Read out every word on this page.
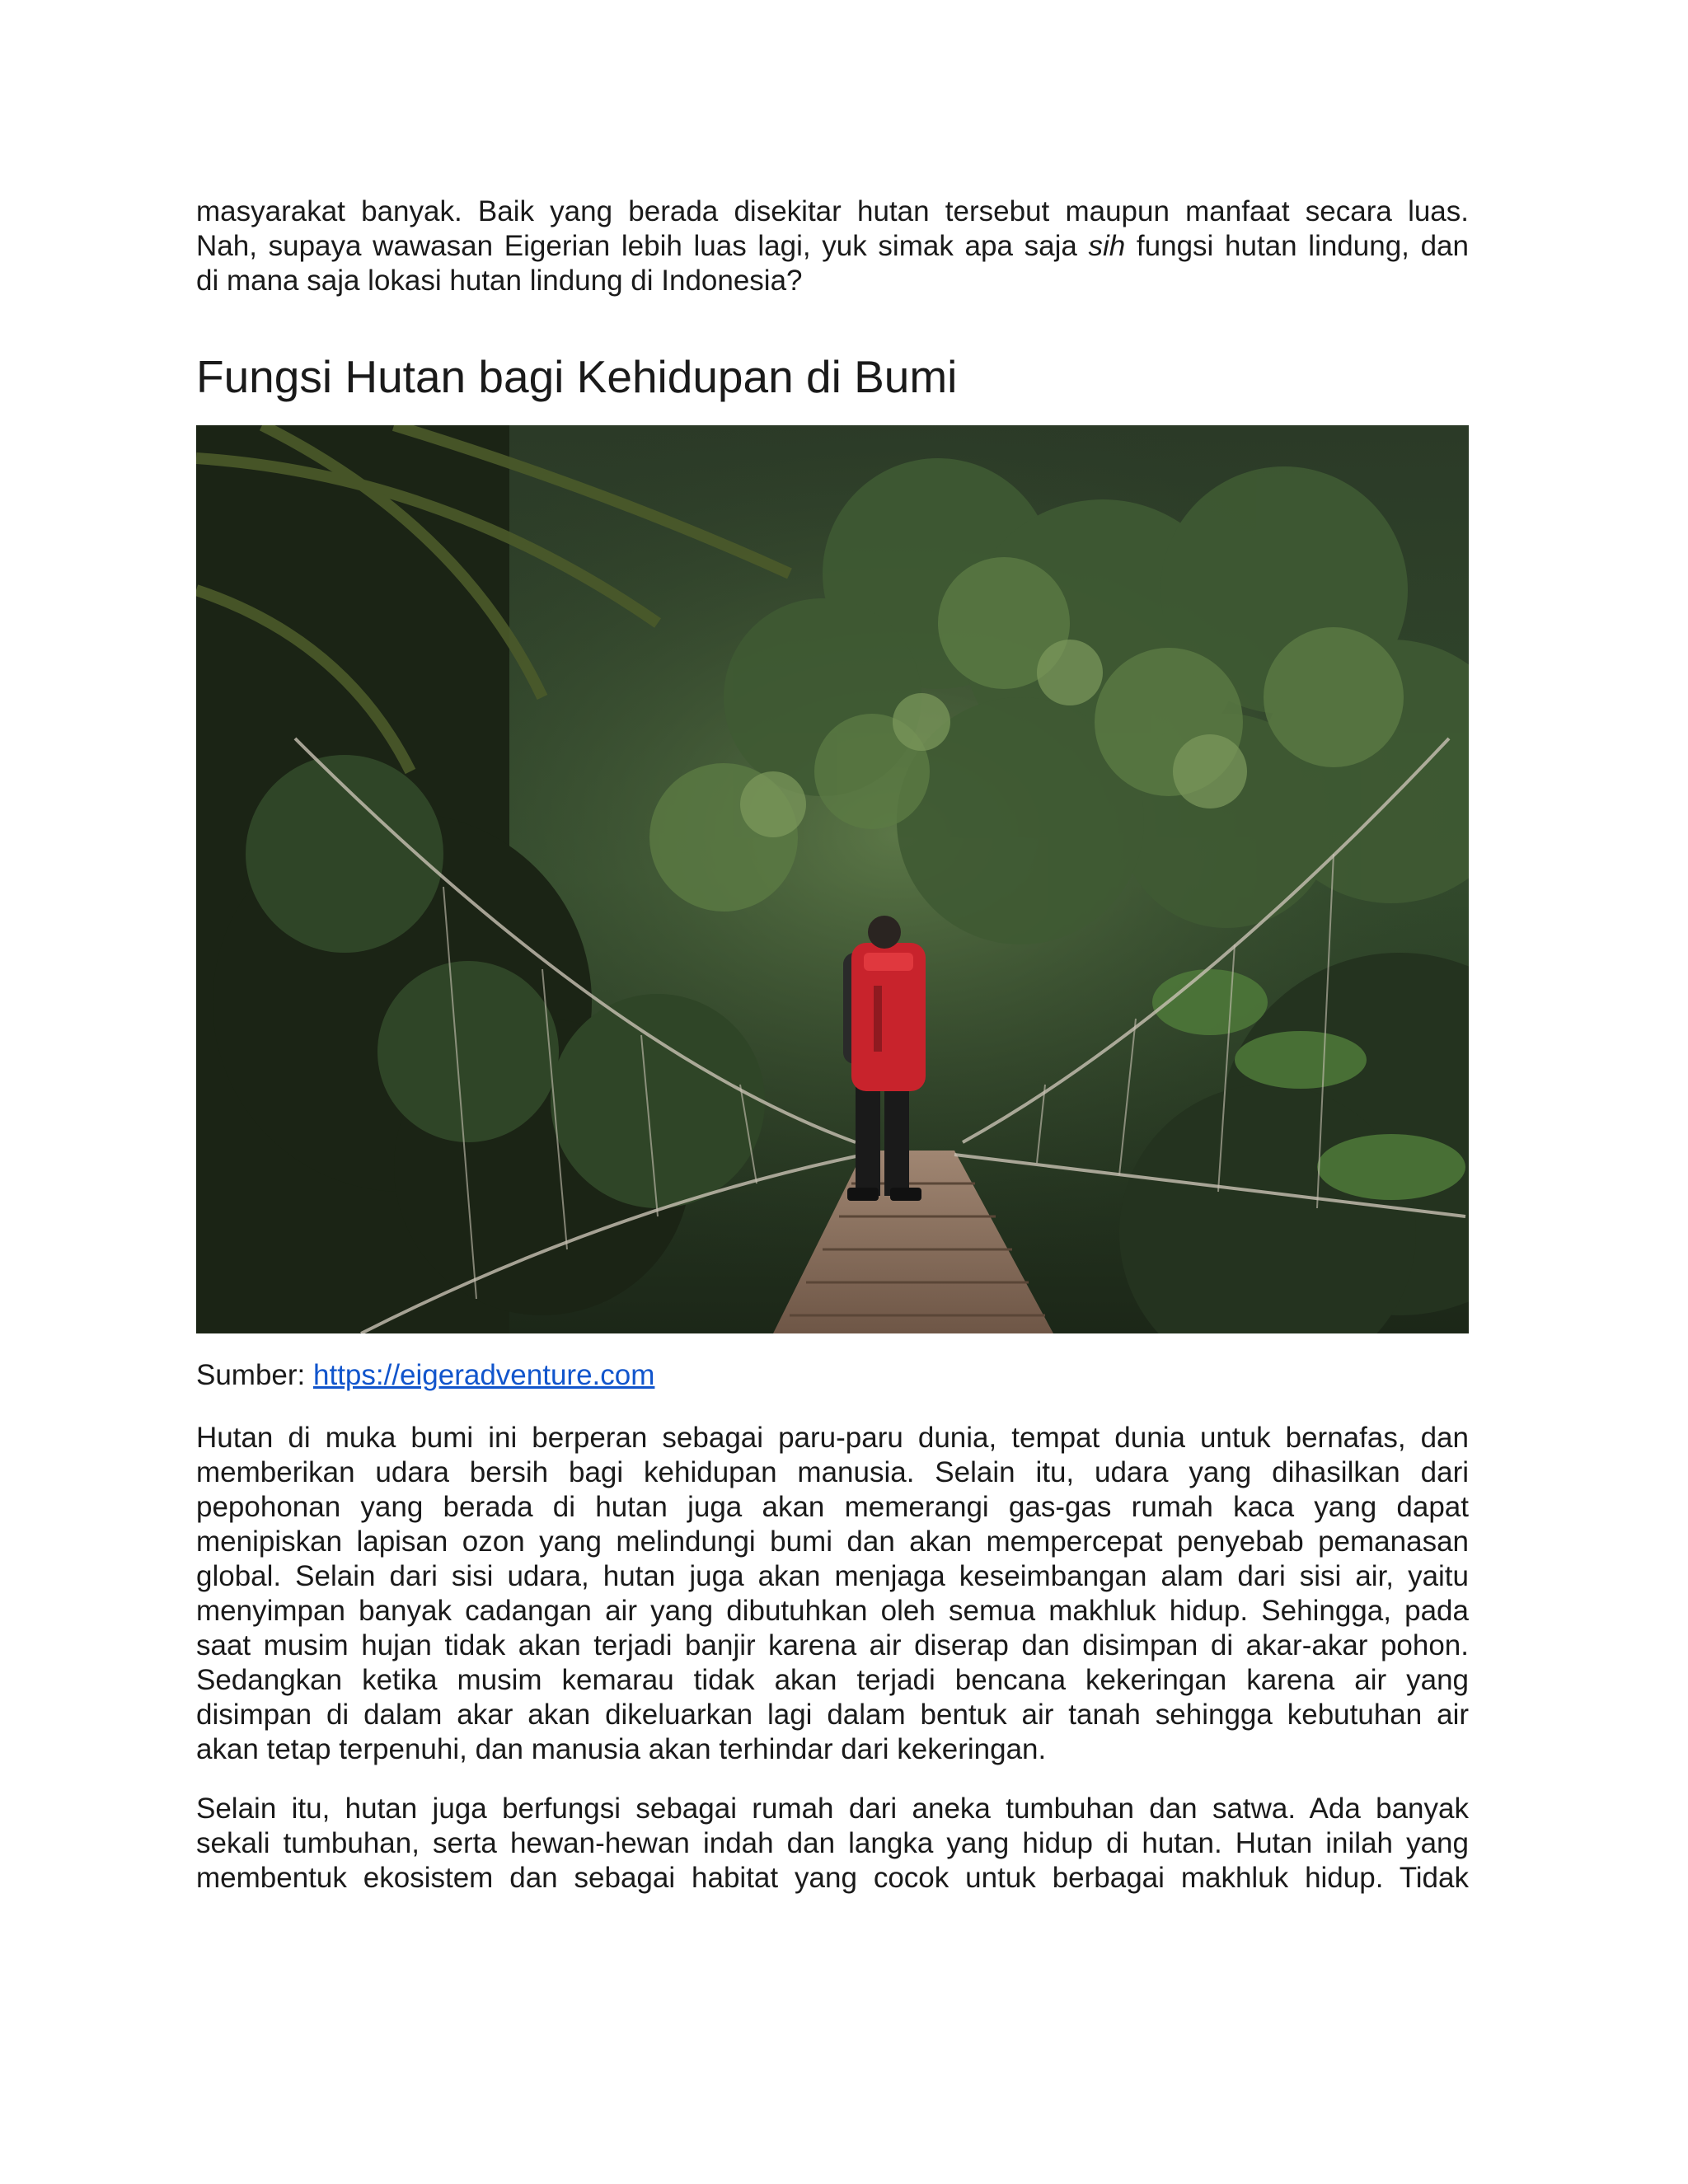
masyarakat banyak. Baik yang berada disekitar hutan tersebut maupun manfaat secara luas.

Nah, supaya wawasan Eigerian lebih luas lagi, yuk simak apa saja sih fungsi hutan lindung, dan

di mana saja lokasi hutan lindung di Indonesia?

Fungsi Hutan bagi Kehidupan di Bumi
Sumber: https://eigeradventure.com

Hutan di muka bumi ini berperan sebagai paru-paru dunia, tempat dunia untuk bernafas, dan

memberikan udara bersih bagi kehidupan manusia. Selain itu, udara yang dihasilkan dari

pepohonan yang berada di hutan juga akan memerangi gas-gas rumah kaca yang dapat

menipiskan lapisan ozon yang melindungi bumi dan akan mempercepat penyebab pemanasan

global. Selain dari sisi udara, hutan juga akan menjaga keseimbangan alam dari sisi air, yaitu

menyimpan banyak cadangan air yang dibutuhkan oleh semua makhluk hidup. Sehingga, pada

saat musim hujan tidak akan terjadi banjir karena air diserap dan disimpan di akar-akar pohon.

Sedangkan ketika musim kemarau tidak akan terjadi bencana kekeringan karena air yang

disimpan di dalam akar akan dikeluarkan lagi dalam bentuk air tanah sehingga kebutuhan air

akan tetap terpenuhi, dan manusia akan terhindar dari kekeringan.

Selain itu, hutan juga berfungsi sebagai rumah dari aneka tumbuhan dan satwa. Ada banyak

sekali tumbuhan, serta hewan-hewan indah dan langka yang hidup di hutan. Hutan inilah yang

membentuk ekosistem dan sebagai habitat yang cocok untuk berbagai makhluk hidup. Tidak
